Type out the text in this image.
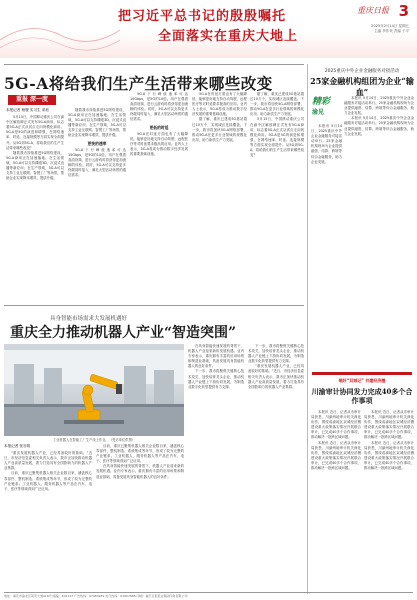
把习近平总书记的殷殷嘱托
全面落实在重庆大地上
重庆日报 3
2025年2月14日 星期五
主编 李作荣 责编 于平
5G-A将给我们生产生活带来哪些改变
重报 深一度
本报记者 杨骏 实习生 邓松

5月15日，中国移动重庆公司在渝中区解放碑正式发布5G-A商用，标志着5G-A正式从试点走向规模化商用。5G-A是5G的演进和增强，在网络速率、时延、连接规模等方面实现全面提升。从5G到5G-A，将给我们的生产生活带来哪些改变？

随着我市持续推进5G网络建设，5G-A商用正在加速落地。在生活领域，5G-A可以支持裸眼3D、沉浸式直播等新应用；在生产领域，5G-A可以支持工业互联网、智慧工厂等场景，帮助企业实现降本增效、提质升级。

随着我市持续推进5G网络建设，5G-A商用正在加速落地。在生活领域，5G-A可以支持裸眼3D、沉浸式直播等新应用；在生产领域，5G-A可以支持工业互联网、智慧工厂等场景，帮助企业实现降本增效、提质升级。

更快的速率

5G-A下行峰值速率可达10Gbps，是5G的10倍。用户在观看高清视频、进行云游戏时将获得更加流畅的体验。同时，5G-A可以支持更多终端同时接入，满足大型活动场景的通信需求。

5G-A下行峰值速率可达10Gbps，是5G的10倍。用户在观看高清视频、进行云游戏时将获得更加流畅的体验。同时，5G-A可以支持更多终端同时接入，满足大型活动场景的通信需求。

更低的时延

5G-A在时延方面也有了大幅降低，能够更好地支持自动驾驶、远程医疗等对时延要求极高的应用。业内人士表示，5G-A将成为推动数字经济发展的重要基础设施。

5G-A在时延方面也有了大幅降低，能够更好地支持自动驾驶、远程医疗等对时延要求极高的应用。业内人士表示，5G-A将成为推动数字经济发展的重要基础设施。

据了解，重庆已建成5G基站超过10万个，实现城区连续覆盖。下一步，我市将加快5G-A网络部署，推动5G-A在更多行业领域的规模化应用，助力新质生产力发展。

据了解，重庆已建成5G基站超过10万个，实现城区连续覆盖。下一步，我市将加快5G-A网络部署，推动5G-A在更多行业领域的规模化应用，助力新质生产力发展。

5月15日，中国移动重庆公司在渝中区解放碑正式发布5G-A商用，标志着5G-A正式从试点走向规模化商用。5G-A是5G的演进和增强，在网络速率、时延、连接规模等方面实现全面提升。从5G到5G-A，将给我们的生产生活带来哪些改变？

2025重庆中外企业金融服务对接活动
25家金融机构组团为企业“输血”
精彩
渝见

本报讯 5月14日，2025重庆中外企业金融服务对接活动举行。25家金融机构现场为企业提供融资、结算、跨境等综合金融服务，助力企业发展。

本报讯 5月14日，2025重庆中外企业金融服务对接活动举行。25家金融机构现场为企业提供融资、结算、跨境等综合金融服务，助力企业发展。

本报讯 5月14日，2025重庆中外企业金融服务对接活动举行。25家金融机构现场为企业提供融资、结算、跨境等综合金融服务，助力企业发展。

具身智能市场需求大发展机遇好
重庆全力推动机器人产业“智造突围”
工业机器人在智能工厂生产线上作业。（受访单位供图）
本报记者 张亦筑

“重庆发展机器人产业，已经具备较好的基础。”近日，市经济信息委相关负责人表示，我市正加快推动机器人产业高质量发展，着力打造具有全国影响力的机器人产业集群。

目前，重庆已聚集机器人相关企业数百家，涵盖核心零部件、整机制造、系统集成等环节，形成了较为完整的产业链条。工业机器人、服务机器人等产品在汽车、电子、医疗等领域得到广泛应用。

目前，重庆已聚集机器人相关企业数百家，涵盖核心零部件、整机制造、系统集成等环节，形成了较为完整的产业链条。工业机器人、服务机器人等产品在汽车、电子、医疗等领域得到广泛应用。

在具身智能快速发展的背景下，机器人产业迎来新的发展机遇。业内专家表示，重庆拥有丰富的应用场景和制造业基础，具备发展具身智能机器人的良好条件。

在具身智能快速发展的背景下，机器人产业迎来新的发展机遇。业内专家表示，重庆拥有丰富的应用场景和制造业基础，具备发展具身智能机器人的良好条件。

下一步，我市将聚焦关键核心技术攻关，加快培育龙头企业，推动机器人产业链上下游协同发展，为制造业数字化转型提供有力支撑。

下一步，我市将聚焦关键核心技术攻关，加快培育龙头企业，推动机器人产业链上下游协同发展，为制造业数字化转型提供有力支撑。

“重庆发展机器人产业，已经具备较好的基础。”近日，市经济信息委相关负责人表示，我市正加快推动机器人产业高质量发展，着力打造具有全国影响力的机器人产业集群。

唱好“双城记” 共建经济圈
川渝审计协同发力完成40多个合作事项

本报讯 近日，记者从市审计局获悉，川渝两地审计机关深化协作，围绕成渝地区双城经济圈建设重大政策落实情况开展联合审计，已完成40多个合作事项，推动解决一批跨区域问题。

本报讯 近日，记者从市审计局获悉，川渝两地审计机关深化协作，围绕成渝地区双城经济圈建设重大政策落实情况开展联合审计，已完成40多个合作事项，推动解决一批跨区域问题。

本报讯 近日，记者从市审计局获悉，川渝两地审计机关深化协作，围绕成渝地区双城经济圈建设重大政策落实情况开展联合审计，已完成40多个合作事项，推动解决一批跨区域问题。

本报讯 近日，记者从市审计局获悉，川渝两地审计机关深化协作，围绕成渝地区双城经济圈建设重大政策落实情况开展联合审计，已完成40多个合作事项，推动解决一批跨区域问题。

地址：重庆市渝北区同茂大道416号 邮编：401147 广告热线：67983939 发行热线：63907888 印刷：重庆日报报业集团印务有限公司
